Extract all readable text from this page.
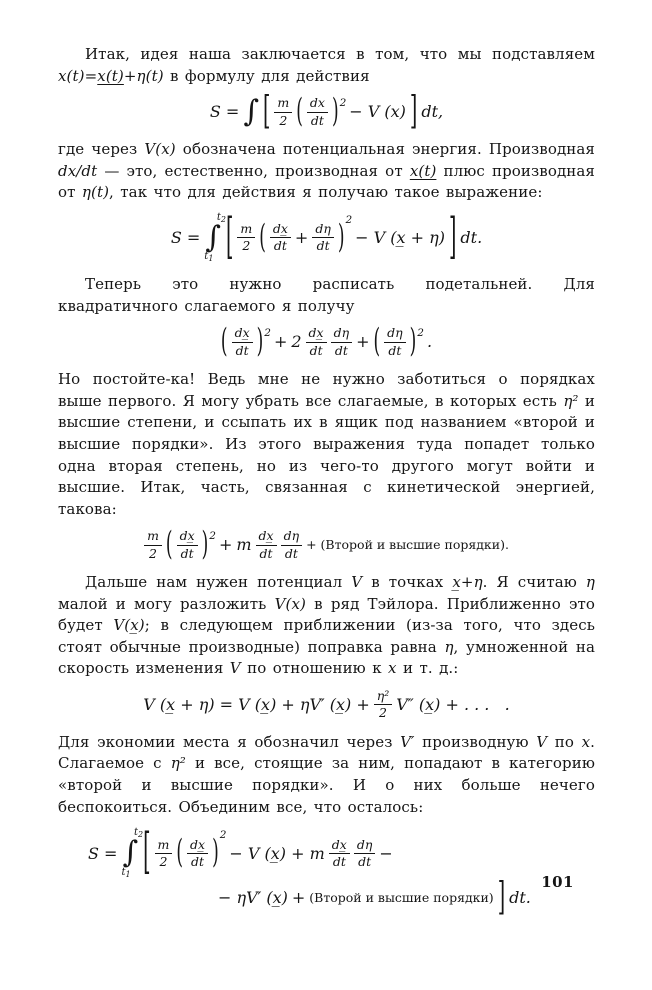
Итак, идея наша заключается в том, что мы подставляем x(t)=x(t)+η(t) в формулу для действия

S = ∫ [ $\frac{m}{2}$ ( $\frac{dx}{dt}$ ) 2 − V (x) ] dt,

где через V(x) обозначена потенциальная энергия. Производная dx/dt — это, естественно, производная от x(t) плюс производная от η(t), так что для действия я получаю такое выражение:

S =
$t_2$
∫
$t_1$ [ $\frac{m}{2}$ ( $\frac{dx̲}{dt} + \frac{d\eta}{dt}$ ) 2
− V (x̲ + η) ] dt.

Теперь это нужно расписать подетальней. Для квадратичного слагаемого я получу

( $\frac{dx̲}{dt}$ ) $2 + 2 \frac{dx̲}{dt} \frac{d\eta}{dt}$ + ( $\frac{d\eta}{dt}$ ) 2 .

Но постойте-ка! Ведь мне не нужно заботиться о порядках выше первого. Я могу убрать все слагаемые, в которых есть η² и высшие степени, и ссыпать их в ящик под названием «второй и высшие порядки». Из этого выражения туда попадет только одна вторая степень, но из чего-то другого могут войти и высшие. Итак, часть, связанная с кинетической энергией, такова:

$\frac{m}{2}$ ( $\frac{dx̲}{dt}$ ) 2 + m $\frac{dx̲}{dt} \frac{d\eta}{dt}$ + (Второй и высшие порядки).

Дальше нам нужен потенциал V в точках x̲+η. Я считаю η малой и могу разложить V(x) в ряд Тэйлора. Приближенно это будет V(x̲); в следующем приближении (из-за того, что здесь стоят обычные производные) поправка равна η, умноженной на скорость изменения V по отношению к x и т. д.:

V (x̲ + η) = V (x̲) + ηV′ (x̲) + $\frac{\text{η²}}{2} V''$ (x̲) + . . .   .

Для экономии места я обозначил через V′ производную V по x. Слагаемое с η² и все, стоящие за ним, попадают в категорию «второй и высшие порядки». И о них больше нечего беспокоиться. Объединим все, что осталось:

S =
$t_2$
∫
$t_1$ [ $\frac{m}{2}$ ( $\frac{dx̲}{dt}$ ) 2
− V (x̲) + m $\frac{dx̲}{dt} \frac{d\eta}{dt}$ −
− ηV′ (x̲) + (Второй и высшие порядки) ] dt.
101
